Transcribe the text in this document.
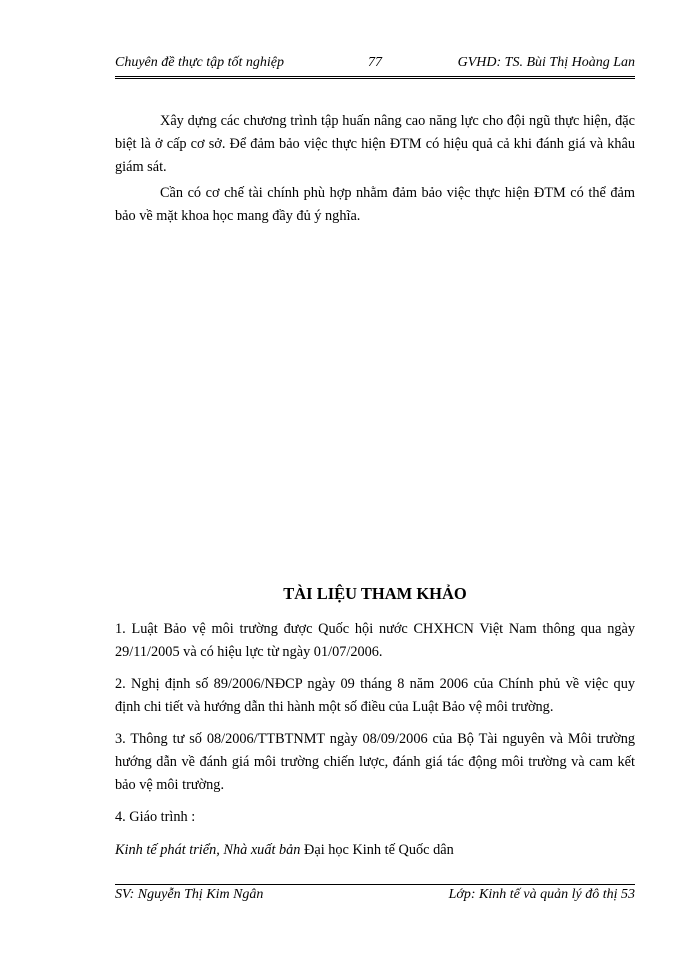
Chuyên đề thực tập tốt nghiệp	77	GVHD: TS. Bùi Thị Hoàng Lan

Xây dựng các chương trình tập huấn nâng cao năng lực cho đội ngũ thực hiện, đặc biệt là ở cấp cơ sở. Để đảm bảo việc thực hiện ĐTM có hiệu quả cả khi đánh giá và khâu giám sát.

Cần có cơ chế tài chính phù hợp nhằm đảm bảo việc thực hiện ĐTM có thể đảm bảo về mặt khoa học mang đầy đủ ý nghĩa.

TÀI LIỆU THAM KHẢO

1. Luật Bảo vệ môi trường được Quốc hội nước CHXHCN Việt Nam thông qua ngày 29/11/2005 và có hiệu lực từ ngày 01/07/2006.

2. Nghị định số 89/2006/NĐCP ngày 09 tháng 8 năm 2006 của Chính phủ về việc quy định chi tiết và hướng dẫn thi hành một số điều của Luật Bảo vệ môi trường.

3. Thông tư số 08/2006/TTBTNMT ngày 08/09/2006 của Bộ Tài nguyên và Môi trường hướng dẫn về đánh giá môi trường chiến lược, đánh giá tác động môi trường và cam kết bảo vệ môi trường.

4. Giáo trình :

Kinh tế phát triển, Nhà xuất bản Đại học Kinh tế Quốc dân

SV: Nguyễn Thị Kim Ngân	Lớp: Kinh tế và quản lý đô thị 53
